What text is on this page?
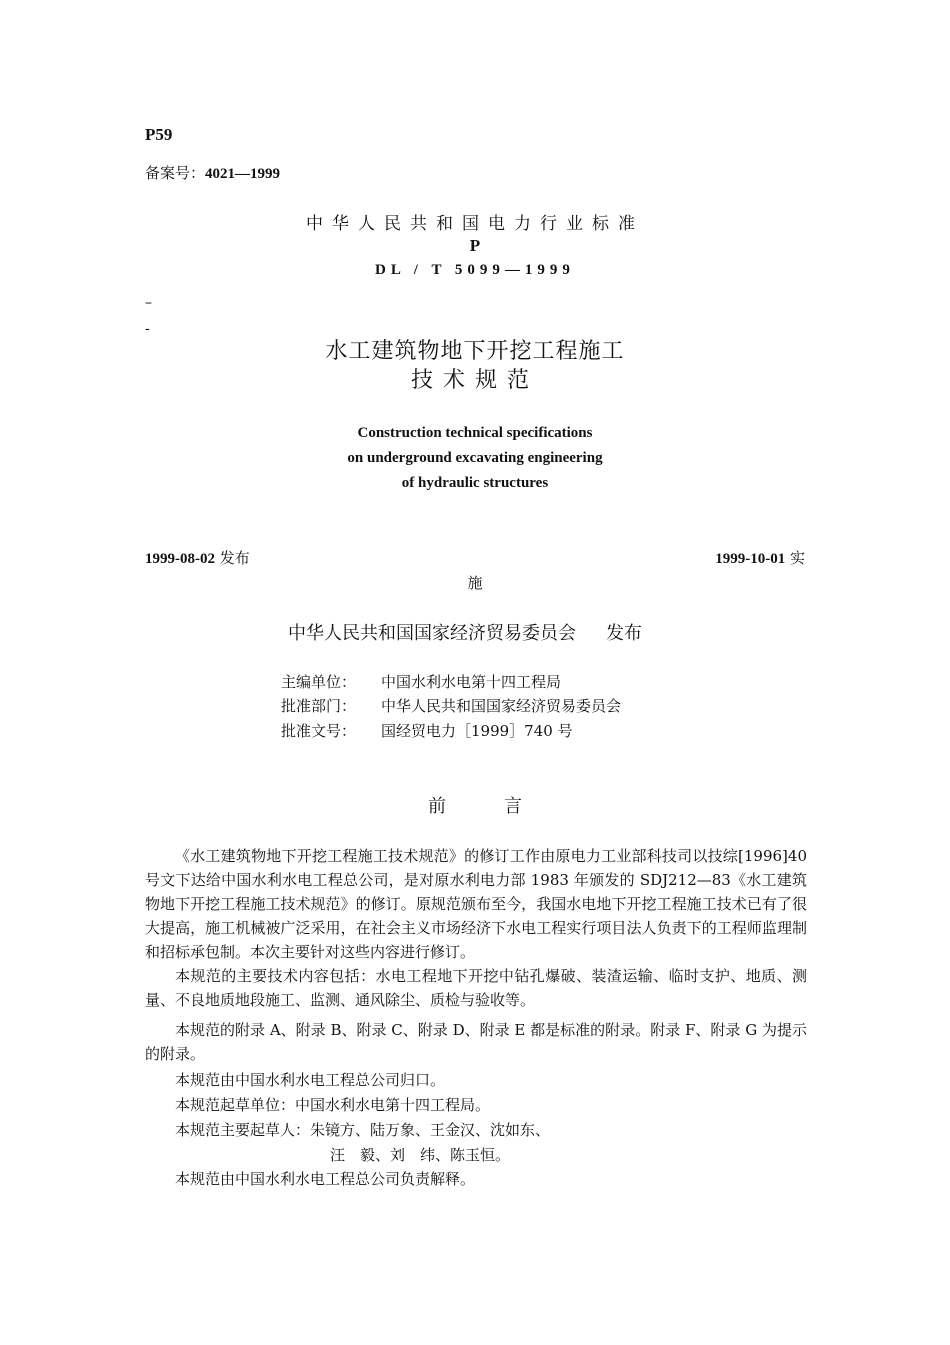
P59
备案号：4021—1999
中华人民共和国电力行业标准
P
DL / T 5099—1999
–
-
水工建筑物地下开挖工程施工
技术规范
Construction technical specifications
on underground excavating engineering
of hydraulic structures
1999-08-02 发布	1999-10-01 实
施
中华人民共和国国家经济贸易委员会 发布
主编单位： 中国水利水电第十四工程局
批准部门： 中华人民共和国国家经济贸易委员会
批准文号： 国经贸电力［1999］740 号
前言

《水工建筑物地下开挖工程施工技术规范》的修订工作由原电力工业部科技司以技综[1996]40 号文下达给中国水利水电工程总公司，是对原水利电力部 1983 年颁发的 SDJ212—83《水工建筑物地下开挖工程施工技术规范》的修订。原规范颁布至今，我国水电地下开挖工程施工技术已有了很大提高，施工机械被广泛采用，在社会主义市场经济下水电工程实行项目法人负责下的工程师监理制和招标承包制。本次主要针对这些内容进行修订。

本规范的主要技术内容包括：水电工程地下开挖中钻孔爆破、装渣运输、临时支护、地质、测量、不良地质地段施工、监测、通风除尘、质检与验收等。

本规范的附录 A、附录 B、附录 C、附录 D、附录 E 都是标准的附录。附录 F、附录 G 为提示的附录。

本规范由中国水利水电工程总公司归口。

本规范起草单位：中国水利水电第十四工程局。

本规范主要起草人：朱镜方、陆万象、王金汉、沈如东、

汪　毅、刘　纬、陈玉恒。

本规范由中国水利水电工程总公司负责解释。
